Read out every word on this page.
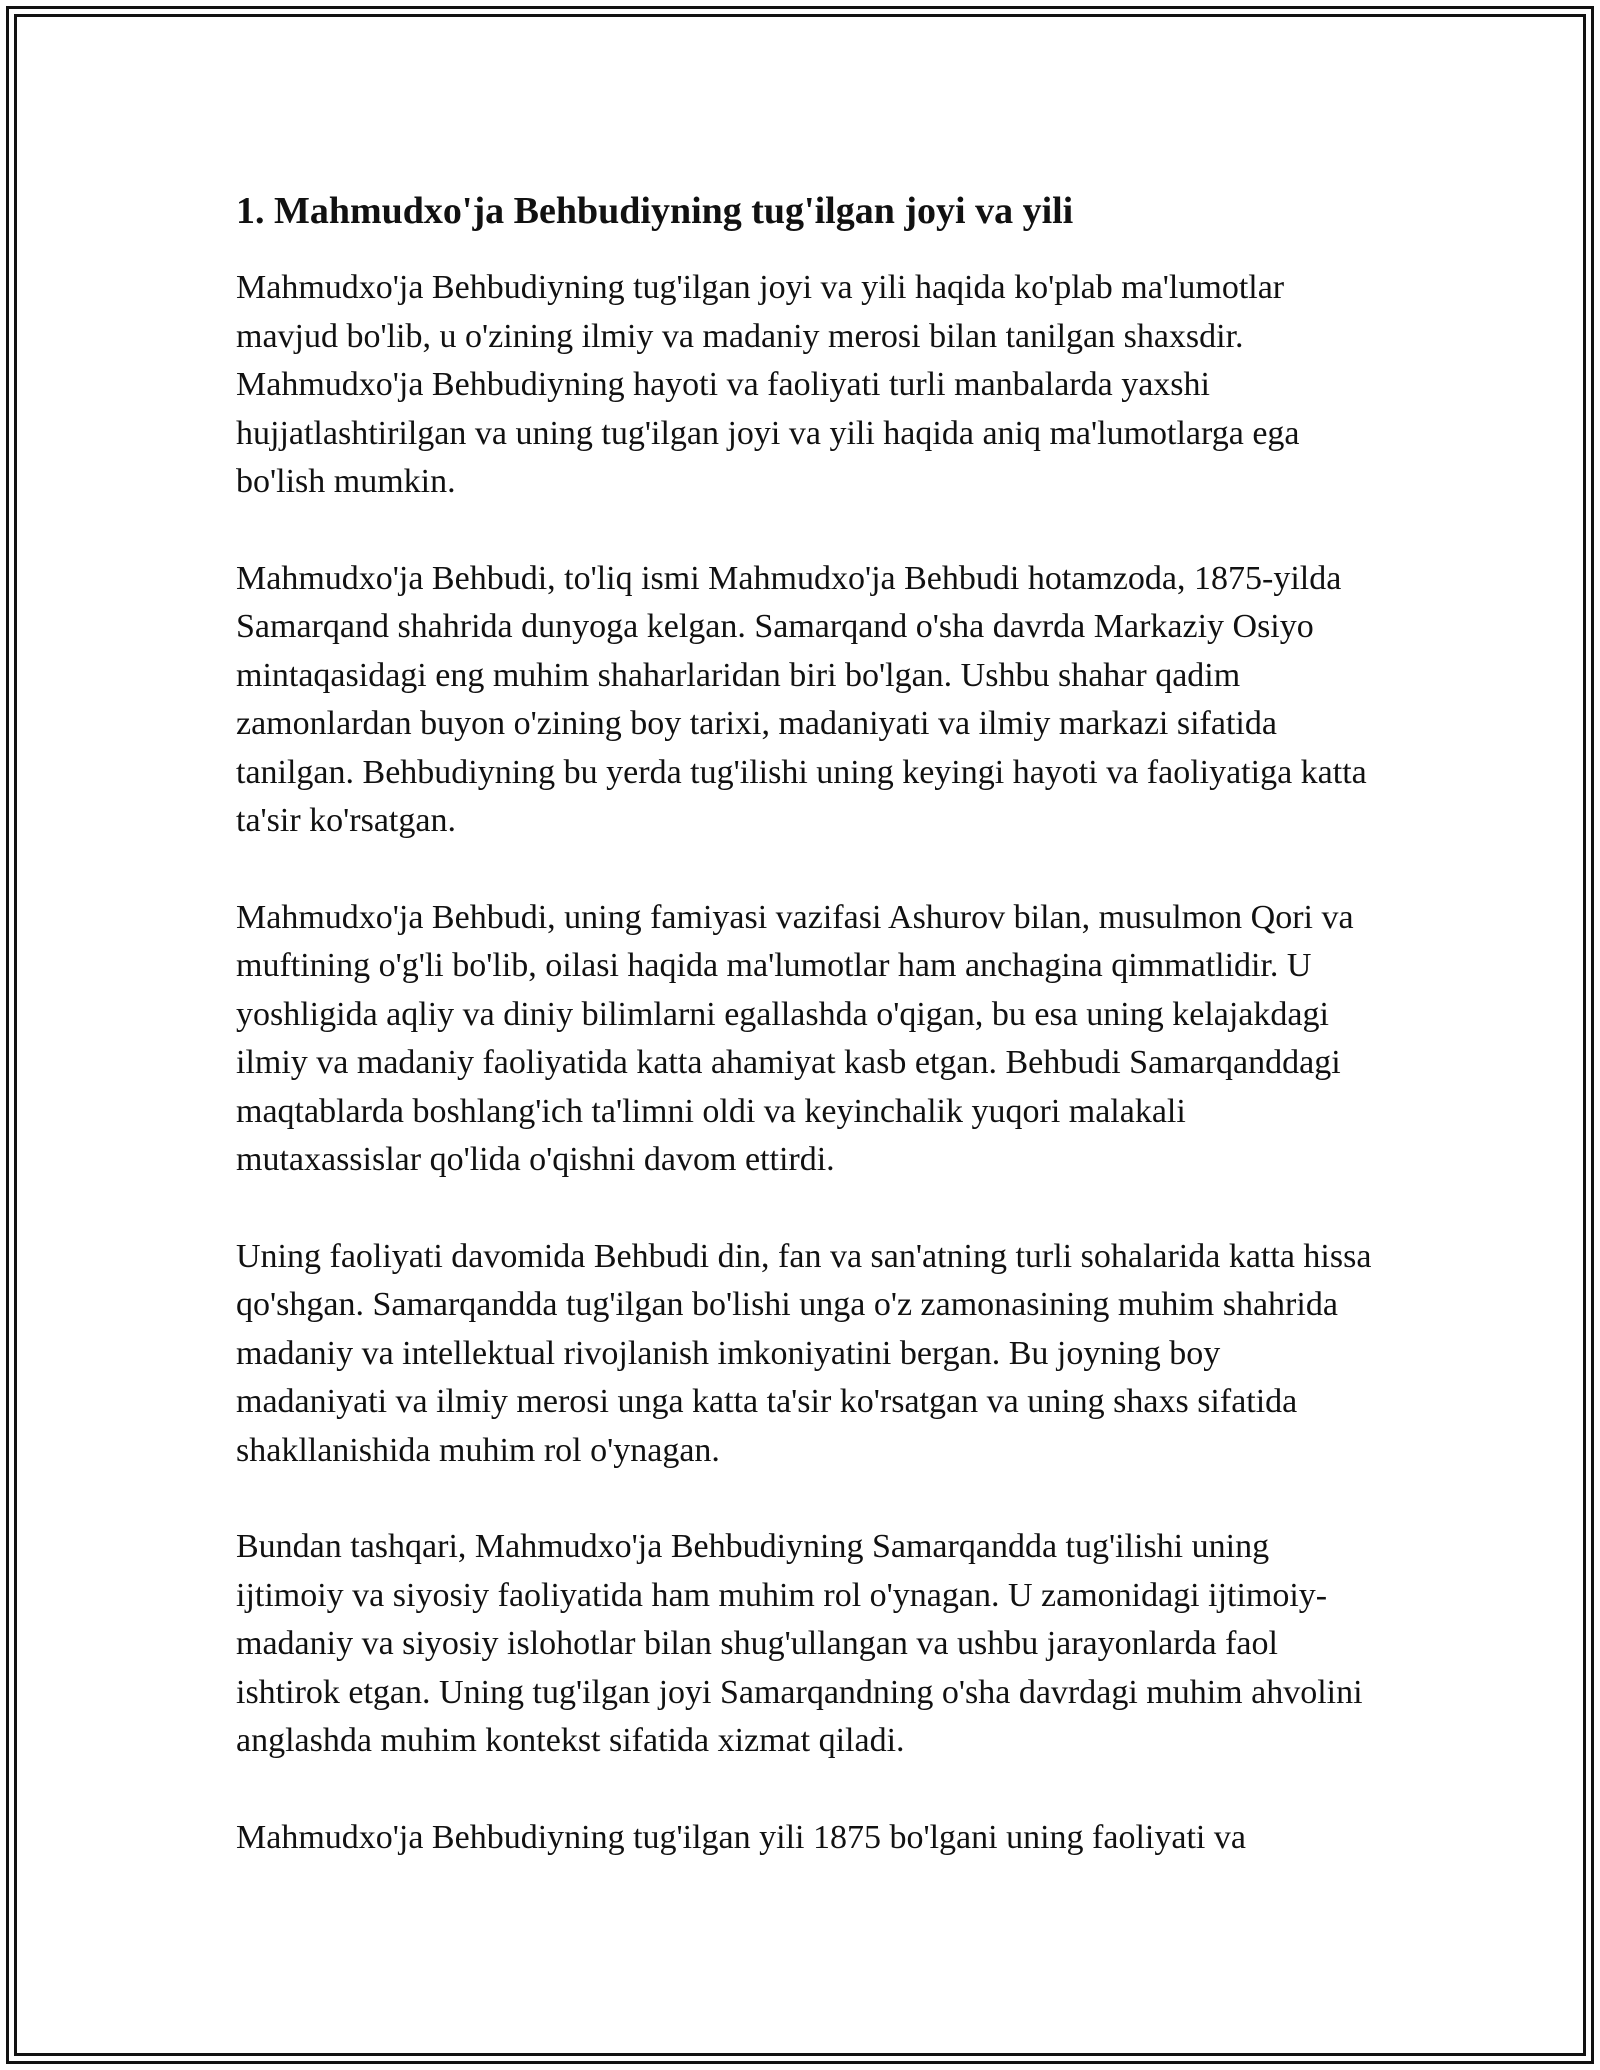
1. Mahmudxo'ja Behbudiyning tug'ilgan joyi va yili

Mahmudxo'ja Behbudiyning tug'ilgan joyi va yili haqida ko'plab ma'lumotlar mavjud bo'lib, u o'zining ilmiy va madaniy merosi bilan tanilgan shaxsdir. Mahmudxo'ja Behbudiyning hayoti va faoliyati turli manbalarda yaxshi hujjatlashtirilgan va uning tug'ilgan joyi va yili haqida aniq ma'lumotlarga ega bo'lish mumkin.

Mahmudxo'ja Behbudi, to'liq ismi Mahmudxo'ja Behbudi hotamzoda, 1875-yilda Samarqand shahrida dunyoga kelgan. Samarqand o'sha davrda Markaziy Osiyo mintaqasidagi eng muhim shaharlaridan biri bo'lgan. Ushbu shahar qadim zamonlardan buyon o'zining boy tarixi, madaniyati va ilmiy markazi sifatida tanilgan. Behbudiyning bu yerda tug'ilishi uning keyingi hayoti va faoliyatiga katta ta'sir ko'rsatgan.

Mahmudxo'ja Behbudi, uning famiyasi vazifasi Ashurov bilan, musulmon Qori va muftining o'g'li bo'lib, oilasi haqida ma'lumotlar ham anchagina qimmatlidir. U yoshligida aqliy va diniy bilimlarni egallashda o'qigan, bu esa uning kelajakdagi ilmiy va madaniy faoliyatida katta ahamiyat kasb etgan. Behbudi Samarqanddagi maqtablarda boshlang'ich ta'limni oldi va keyinchalik yuqori malakali mutaxassislar qo'lida o'qishni davom ettirdi.

Uning faoliyati davomida Behbudi din, fan va san'atning turli sohalarida katta hissa qo'shgan. Samarqandda tug'ilgan bo'lishi unga o'z zamonasining muhim shahrida madaniy va intellektual rivojlanish imkoniyatini bergan. Bu joyning boy madaniyati va ilmiy merosi unga katta ta'sir ko'rsatgan va uning shaxs sifatida shakllanishida muhim rol o'ynagan.

Bundan tashqari, Mahmudxo'ja Behbudiyning Samarqandda tug'ilishi uning ijtimoiy va siyosiy faoliyatida ham muhim rol o'ynagan. U zamonidagi ijtimoiy-madaniy va siyosiy islohotlar bilan shug'ullangan va ushbu jarayonlarda faol ishtirok etgan. Uning tug'ilgan joyi Samarqandning o'sha davrdagi muhim ahvolini anglashda muhim kontekst sifatida xizmat qiladi.

Mahmudxo'ja Behbudiyning tug'ilgan yili 1875 bo'lgani uning faoliyati va
